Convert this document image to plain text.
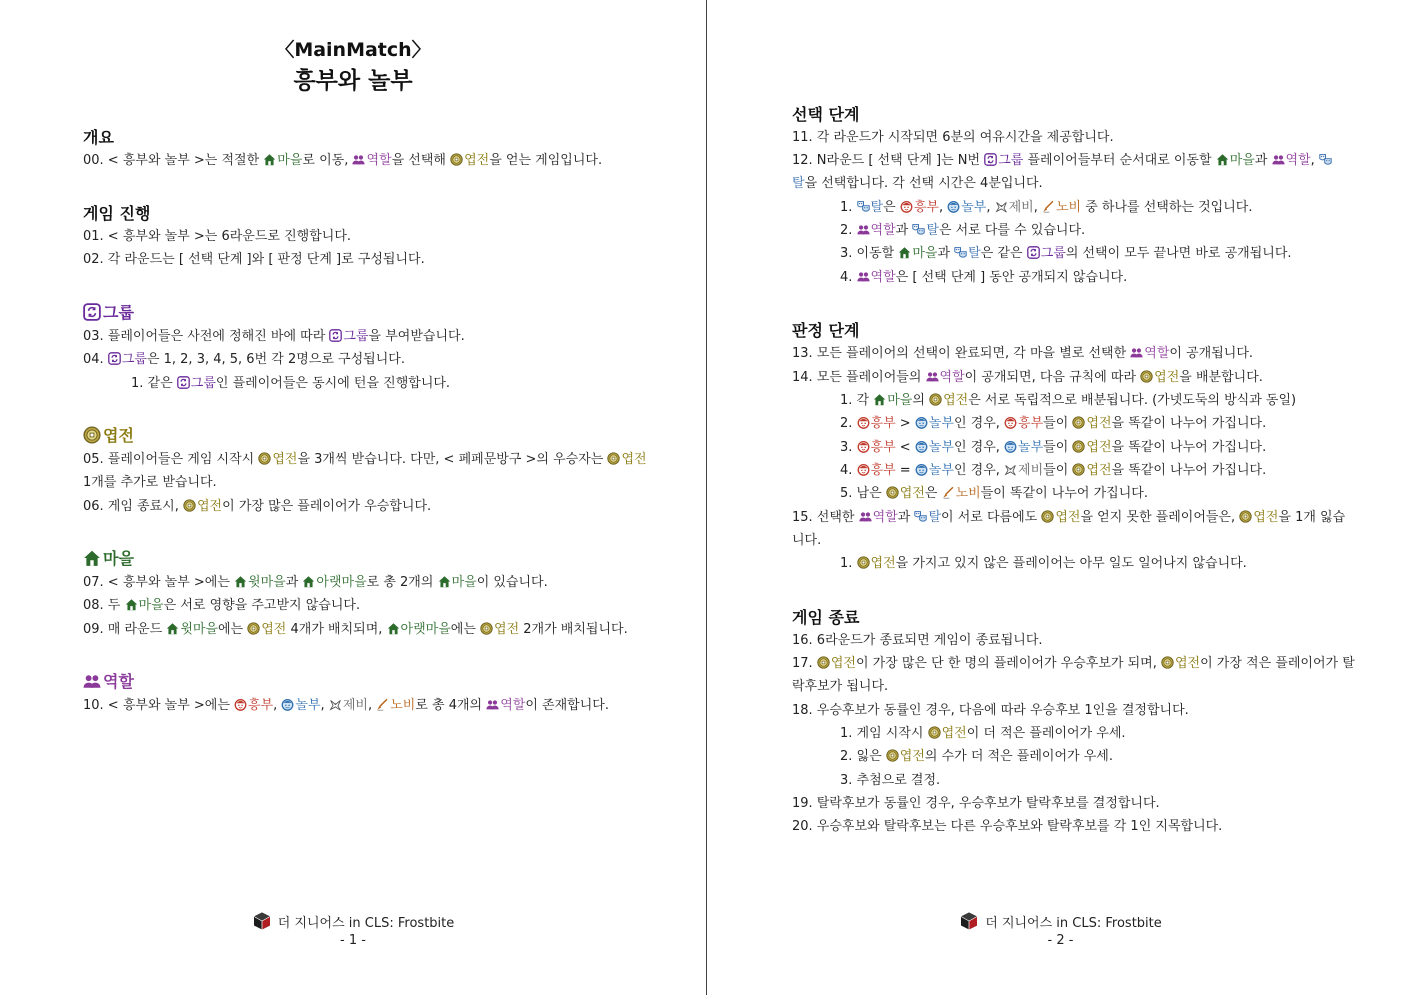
〈MainMatch〉
흥부와 놀부
개요
00. < 흥부와 놀부 >는 적절한 마을로 이동, 역할을 선택해 엽전을 얻는 게임입니다.
게임 진행
01. < 흥부와 놀부 >는 6라운드로 진행합니다.
02. 각 라운드는 [ 선택 단계 ]와 [ 판정 단계 ]로 구성됩니다.
그룹
03. 플레이어들은 사전에 정해진 바에 따라 그룹을 부여받습니다.
04. 그룹은 1, 2, 3, 4, 5, 6번 각 2명으로 구성됩니다.
1. 같은 그룹인 플레이어들은 동시에 턴을 진행합니다.
엽전
05. 플레이어들은 게임 시작시 엽전을 3개씩 받습니다. 다만, < 페페문방구 >의 우승자는 엽전
1개를 추가로 받습니다.
06. 게임 종료시, 엽전이 가장 많은 플레이어가 우승합니다.
마을
07. < 흥부와 놀부 >에는 윗마을과 아랫마을로 총 2개의 마을이 있습니다.
08. 두 마을은 서로 영향을 주고받지 않습니다.
09. 매 라운드 윗마을에는 엽전 4개가 배치되며, 아랫마을에는 엽전 2개가 배치됩니다.
역할
10. < 흥부와 놀부 >에는 흥부, 놀부, 제비, 노비로 총 4개의 역할이 존재합니다.
더 지니어스 in CLS: Frostbite
- 1 -
선택 단계
11. 각 라운드가 시작되면 6분의 여유시간을 제공합니다.
12. N라운드 [ 선택 단계 ]는 N번 그룹 플레이어들부터 순서대로 이동할 마을과 역할,
탈을 선택합니다. 각 선택 시간은 4분입니다.
1. 탈은 흥부, 놀부, 제비, 노비 중 하나를 선택하는 것입니다.
2. 역할과 탈은 서로 다를 수 있습니다.
3. 이동할 마을과 탈은 같은 그룹의 선택이 모두 끝나면 바로 공개됩니다.
4. 역할은 [ 선택 단계 ] 동안 공개되지 않습니다.
판정 단계
13. 모든 플레이어의 선택이 완료되면, 각 마을 별로 선택한 역할이 공개됩니다.
14. 모든 플레이어들의 역할이 공개되면, 다음 규칙에 따라 엽전을 배분합니다.
1. 각 마을의 엽전은 서로 독립적으로 배분됩니다. (가넷도둑의 방식과 동일)
2. 흥부 > 놀부인 경우, 흥부들이 엽전을 똑같이 나누어 가집니다.
3. 흥부 < 놀부인 경우, 놀부들이 엽전을 똑같이 나누어 가집니다.
4. 흥부 = 놀부인 경우, 제비들이 엽전을 똑같이 나누어 가집니다.
5. 남은 엽전은 노비들이 똑같이 나누어 가집니다.
15. 선택한 역할과 탈이 서로 다름에도 엽전을 얻지 못한 플레이어들은, 엽전을 1개 잃습
니다.
1. 엽전을 가지고 있지 않은 플레이어는 아무 일도 일어나지 않습니다.
게임 종료
16. 6라운드가 종료되면 게임이 종료됩니다.
17. 엽전이 가장 많은 단 한 명의 플레이어가 우승후보가 되며, 엽전이 가장 적은 플레이어가 탈
락후보가 됩니다.
18. 우승후보가 동률인 경우, 다음에 따라 우승후보 1인을 결정합니다.
1. 게임 시작시 엽전이 더 적은 플레이어가 우세.
2. 잃은 엽전의 수가 더 적은 플레이어가 우세.
3. 추첨으로 결정.
19. 탈락후보가 동률인 경우, 우승후보가 탈락후보를 결정합니다.
20. 우승후보와 탈락후보는 다른 우승후보와 탈락후보를 각 1인 지목합니다.
더 지니어스 in CLS: Frostbite
- 2 -
